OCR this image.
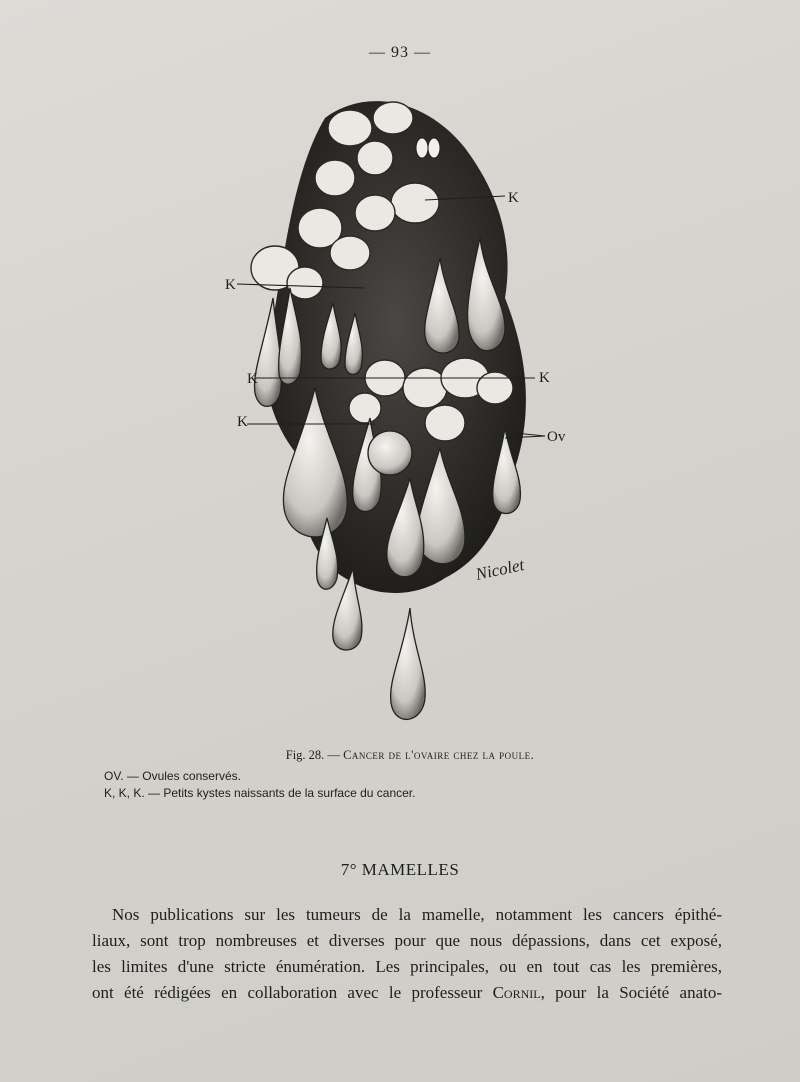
— 93 —
K
K
K	K
K
Ov
Nicolet
Fig. 28. — Cancer de l'ovaire chez la poule.
OV. — Ovules conservés.
K, K, K. — Petits kystes naissants de la surface du cancer.
7° MAMELLES

Nos publications sur les tumeurs de la mamelle, notamment les cancers épithé-

liaux, sont trop nombreuses et diverses pour que nous dépassions, dans cet exposé,

les limites d'une stricte énumération. Les principales, ou en tout cas les premières,

ont été rédigées en collaboration avec le professeur Cornil, pour la Société anato-
